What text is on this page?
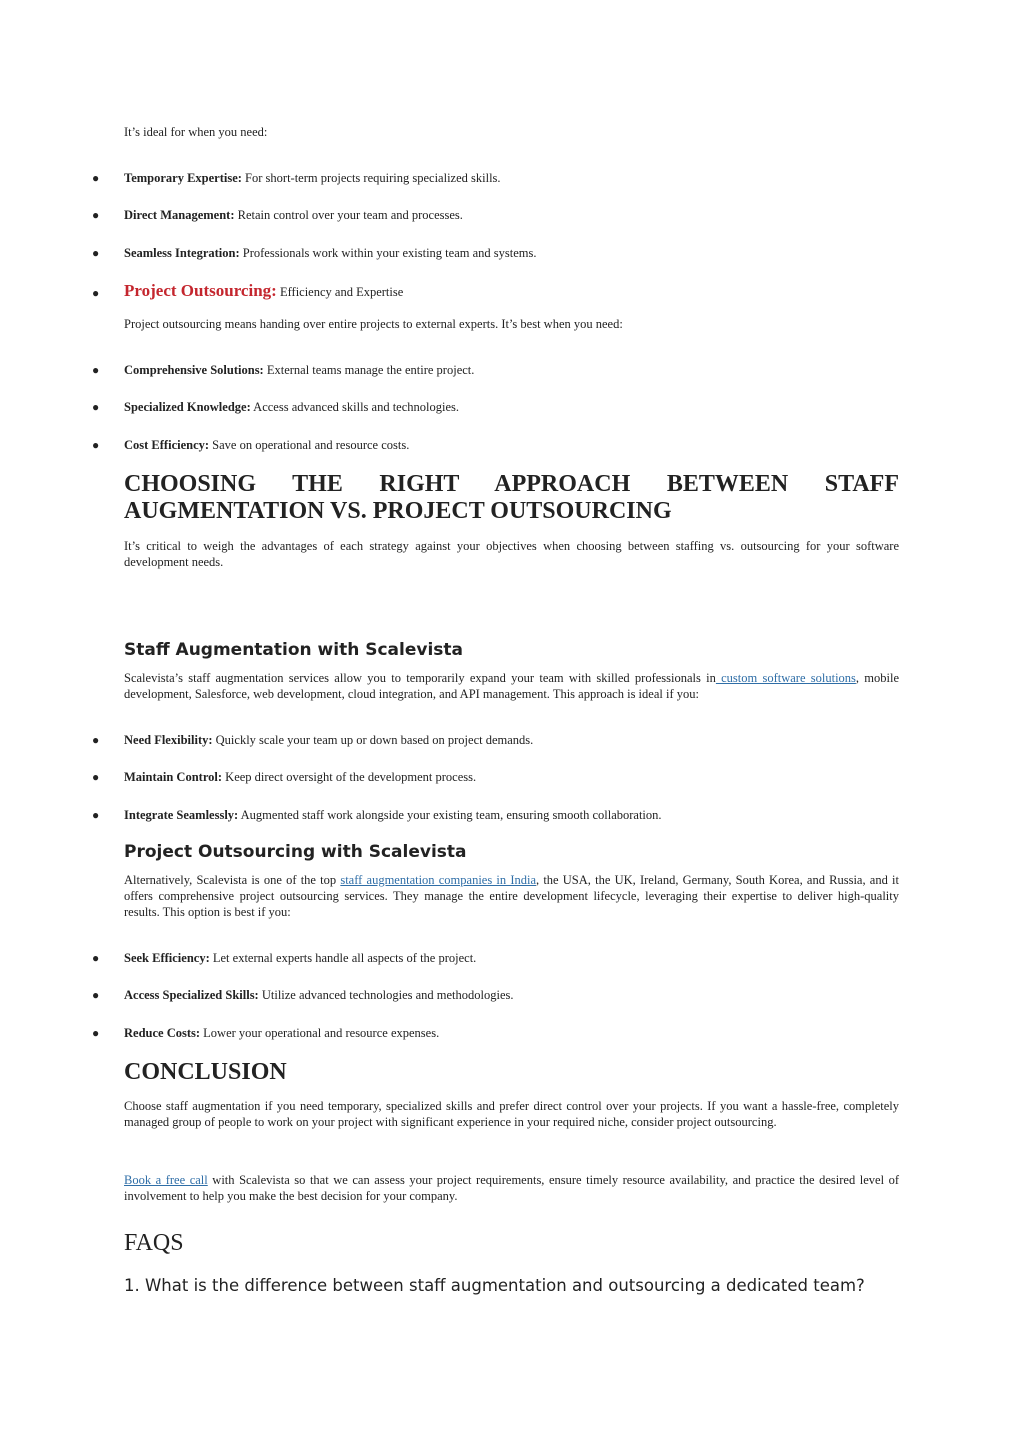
It’s ideal for when you need:

● Temporary Expertise: For short-term projects requiring specialized skills.
● Direct Management: Retain control over your team and processes.
● Seamless Integration: Professionals work within your existing team and systems.
● Project Outsourcing: Efficiency and Expertise

Project outsourcing means handing over entire projects to external experts. It’s best when you need:

● Comprehensive Solutions: External teams manage the entire project.
● Specialized Knowledge: Access advanced skills and technologies.
● Cost Efficiency: Save on operational and resource costs.
CHOOSING THE RIGHT APPROACH BETWEEN STAFF
AUGMENTATION VS. PROJECT OUTSOURCING

It’s critical to weigh the advantages of each strategy against your objectives when choosing between staffing vs. outsourcing for your software development needs.

Staff Augmentation with Scalevista

Scalevista’s staff augmentation services allow you to temporarily expand your team with skilled professionals in custom software solutions, mobile development, Salesforce, web development, cloud integration, and API management. This approach is ideal if you:

● Need Flexibility: Quickly scale your team up or down based on project demands.
● Maintain Control: Keep direct oversight of the development process.
● Integrate Seamlessly: Augmented staff work alongside your existing team, ensuring smooth collaboration.
Project Outsourcing with Scalevista

Alternatively, Scalevista is one of the top staff augmentation companies in India, the USA, the UK, Ireland, Germany, South Korea, and Russia, and it offers comprehensive project outsourcing services. They manage the entire development lifecycle, leveraging their expertise to deliver high-quality results. This option is best if you:

● Seek Efficiency: Let external experts handle all aspects of the project.
● Access Specialized Skills: Utilize advanced technologies and methodologies.
● Reduce Costs: Lower your operational and resource expenses.
CONCLUSION

Choose staff augmentation if you need temporary, specialized skills and prefer direct control over your projects. If you want a hassle-free, completely managed group of people to work on your project with significant experience in your required niche, consider project outsourcing.

Book a free call with Scalevista so that we can assess your project requirements, ensure timely resource availability, and practice the desired level of involvement to help you make the best decision for your company.

FAQS
1. What is the difference between staff augmentation and outsourcing a dedicated team?
